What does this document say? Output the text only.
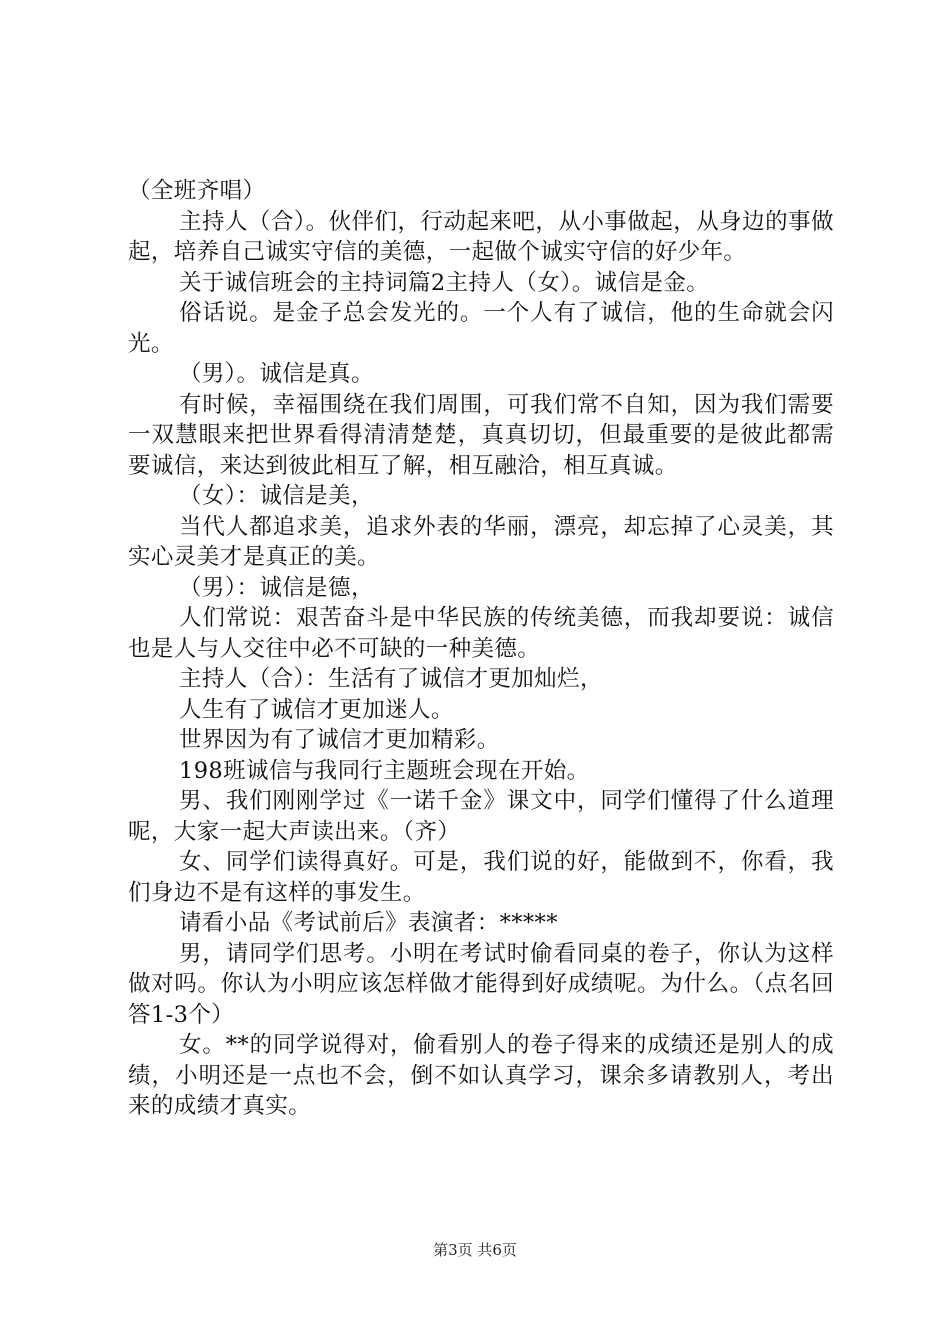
（全班齐唱）

主持人（合）。伙伴们，行动起来吧，从小事做起，从身边的事做起，培养自己诚实守信的美德，一起做个诚实守信的好少年。

关于诚信班会的主持词篇2主持人（女）。诚信是金。

俗话说。是金子总会发光的。一个人有了诚信，他的生命就会闪光。

（男）。诚信是真。

有时候，幸福围绕在我们周围，可我们常不自知，因为我们需要一双慧眼来把世界看得清清楚楚，真真切切，但最重要的是彼此都需要诚信，来达到彼此相互了解，相互融洽，相互真诚。

（女）：诚信是美，

当代人都追求美，追求外表的华丽，漂亮，却忘掉了心灵美，其实心灵美才是真正的美。

（男）：诚信是德，

人们常说：艰苦奋斗是中华民族的传统美德，而我却要说：诚信也是人与人交往中必不可缺的一种美德。

主持人（合）：生活有了诚信才更加灿烂，

人生有了诚信才更加迷人。

世界因为有了诚信才更加精彩。

198班诚信与我同行主题班会现在开始。

男、我们刚刚学过《一诺千金》课文中，同学们懂得了什么道理呢，大家一起大声读出来。（齐）

女、同学们读得真好。可是，我们说的好，能做到不，你看，我们身边不是有这样的事发生。

请看小品《考试前后》表演者：*****

男，请同学们思考。小明在考试时偷看同桌的卷子，你认为这样做对吗。你认为小明应该怎样做才能得到好成绩呢。为什么。（点名回答1-3个）

女。**的同学说得对，偷看别人的卷子得来的成绩还是别人的成绩，小明还是一点也不会，倒不如认真学习，课余多请教别人，考出来的成绩才真实。

第3页 共6页
